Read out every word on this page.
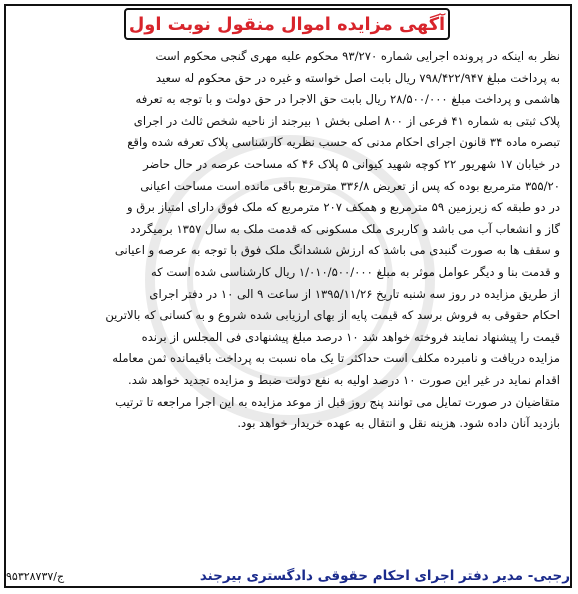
آگهی مزایده اموال منقول نوبت اول
نظر به اینکه در پرونده اجرایی شماره ۹۳/۲۷۰ محکوم علیه مهری گنجی محکوم است
به پرداخت مبلغ ۷۹۸/۴۲۲/۹۴۷ ریال بابت اصل خواسته و غیره در حق محکوم له سعید
هاشمی و پرداخت مبلغ ۲۸/۵۰۰/۰۰۰ ریال بابت حق الاجرا در حق دولت و با توجه به تعرفه
پلاک ثبتی به شماره ۴۱ فرعی از ۸۰۰ اصلی بخش ۱ بیرجند از ناحیه شخص ثالث در اجرای
تبصره ماده ۳۴ قانون اجرای احکام مدنی که حسب نظریه کارشناسی پلاک تعرفه شده واقع
در خیابان ۱۷ شهریور ۲۲ کوچه شهید کیوانی ۵ پلاک ۴۶ که مساحت عرصه در حال حاضر
۳۵۵/۲۰ مترمربع بوده که پس از تعریض ۳۳۶/۸ مترمربع باقی مانده است مساحت اعیانی
در دو طبقه که زیرزمین ۵۹ مترمربع و همکف ۲۰۷ مترمربع که ملک فوق دارای امتیاز برق و
گاز و انشعاب آب می باشد و کاربری ملک مسکونی که قدمت ملک به سال ۱۳۵۷ برمیگردد
و سقف ها به صورت گنبدی می باشد که ارزش ششدانگ ملک فوق با توجه به عرصه و اعیانی
و قدمت بنا و دیگر عوامل موثر به مبلغ ۱/۰۱۰/۵۰۰/۰۰۰ ریال کارشناسی شده است که
از طریق مزایده در روز سه شنبه تاریخ ۱۳۹۵/۱۱/۲۶ از ساعت ۹ الی ۱۰ در دفتر اجرای
احکام حقوقی به فروش برسد که قیمت پایه از بهای ارزیابی شده شروع و به کسانی که بالاترین
قیمت را پیشنهاد نمایند فروخته خواهد شد ۱۰ درصد مبلغ پیشنهادی فی المجلس از برنده
مزایده دریافت و نامبرده مکلف است حداکثر تا یک ماه نسبت به پرداخت باقیمانده ثمن معامله
اقدام نماید در غیر این صورت ۱۰ درصد اولیه به نفع دولت ضبط و مزایده تجدید خواهد شد.
متقاضیان در صورت تمایل می توانند پنج روز قبل از موعد مزایده به این اجرا مراجعه تا ترتیب
بازدید آنان داده شود. هزینه نقل و انتقال به عهده خریدار خواهد بود.
ج/۹۵۳۲۸۷۳۷	رجبی- مدیر دفتر اجرای احکام حقوقی دادگستری بیرجند
